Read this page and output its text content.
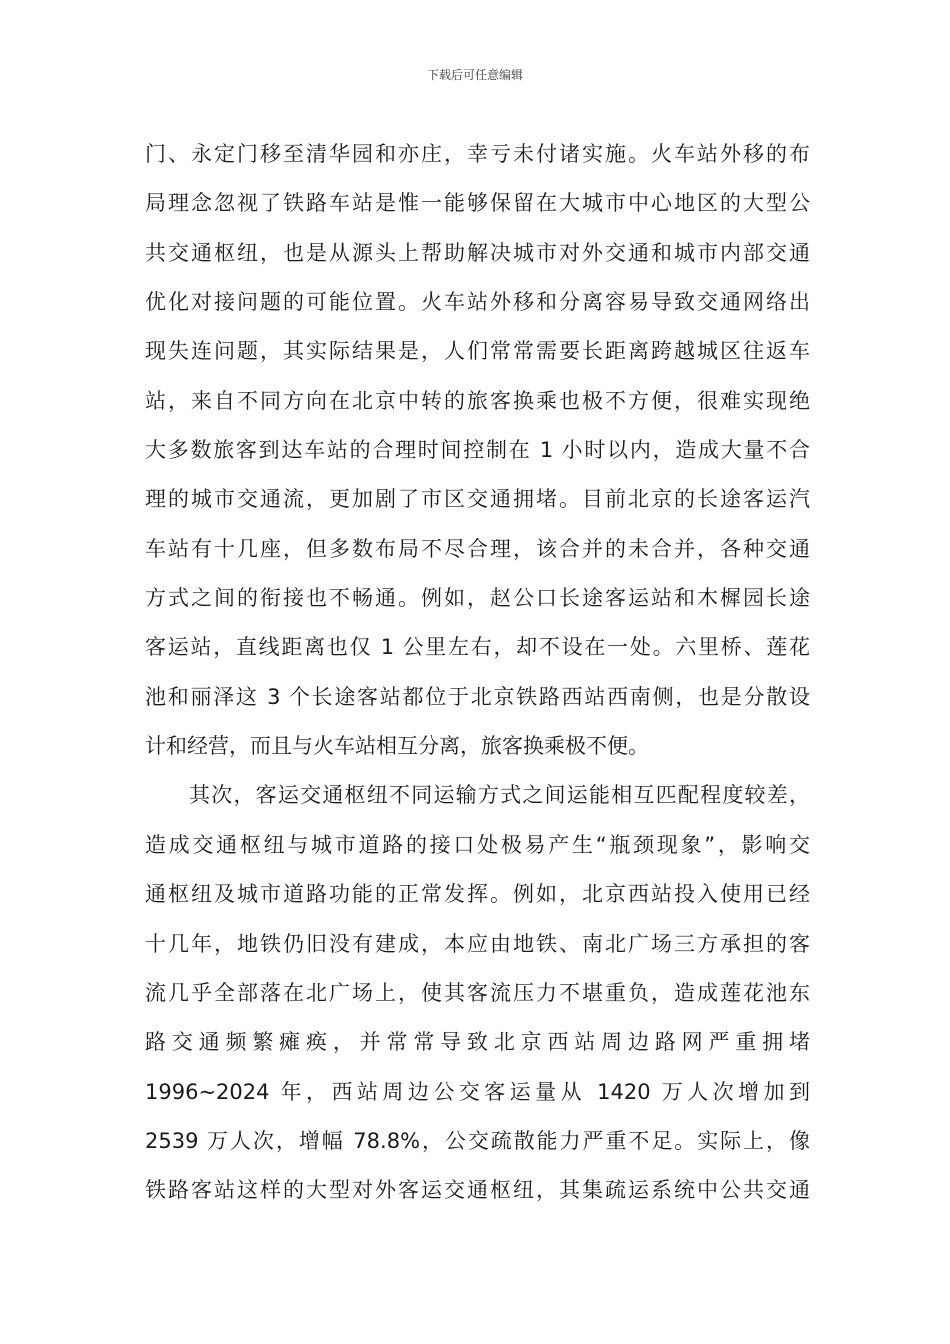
下载后可任意编辑
门、永定门移至清华园和亦庄，幸亏未付诸实施。火车站外移的布
局理念忽视了铁路车站是惟一能够保留在大城市中心地区的大型公
共交通枢纽，也是从源头上帮助解决城市对外交通和城市内部交通
优化对接问题的可能位置。火车站外移和分离容易导致交通网络出
现失连问题，其实际结果是，人们常常需要长距离跨越城区往返车
站，来自不同方向在北京中转的旅客换乘也极不方便，很难实现绝
大多数旅客到达车站的合理时间控制在 1 小时以内，造成大量不合
理的城市交通流，更加剧了市区交通拥堵。目前北京的长途客运汽
车站有十几座，但多数布局不尽合理，该合并的未合并，各种交通
方式之间的衔接也不畅通。例如，赵公口长途客运站和木樨园长途
客运站，直线距离也仅 1 公里左右，却不设在一处。六里桥、莲花
池和丽泽这 3 个长途客站都位于北京铁路西站西南侧，也是分散设
计和经营，而且与火车站相互分离，旅客换乘极不便。
其次，客运交通枢纽不同运输方式之间运能相互匹配程度较差，
造成交通枢纽与城市道路的接口处极易产生“瓶颈现象”，影响交
通枢纽及城市道路功能的正常发挥。例如，北京西站投入使用已经
十几年，地铁仍旧没有建成，本应由地铁、南北广场三方承担的客
流几乎全部落在北广场上，使其客流压力不堪重负，造成莲花池东
路交通频繁瘫痪，并常常导致北京西站周边路网严重拥堵
1996~2024 年，西站周边公交客运量从 1420 万人次增加到
2539 万人次，增幅 78.8%，公交疏散能力严重不足。实际上，像
铁路客站这样的大型对外客运交通枢纽，其集疏运系统中公共交通
